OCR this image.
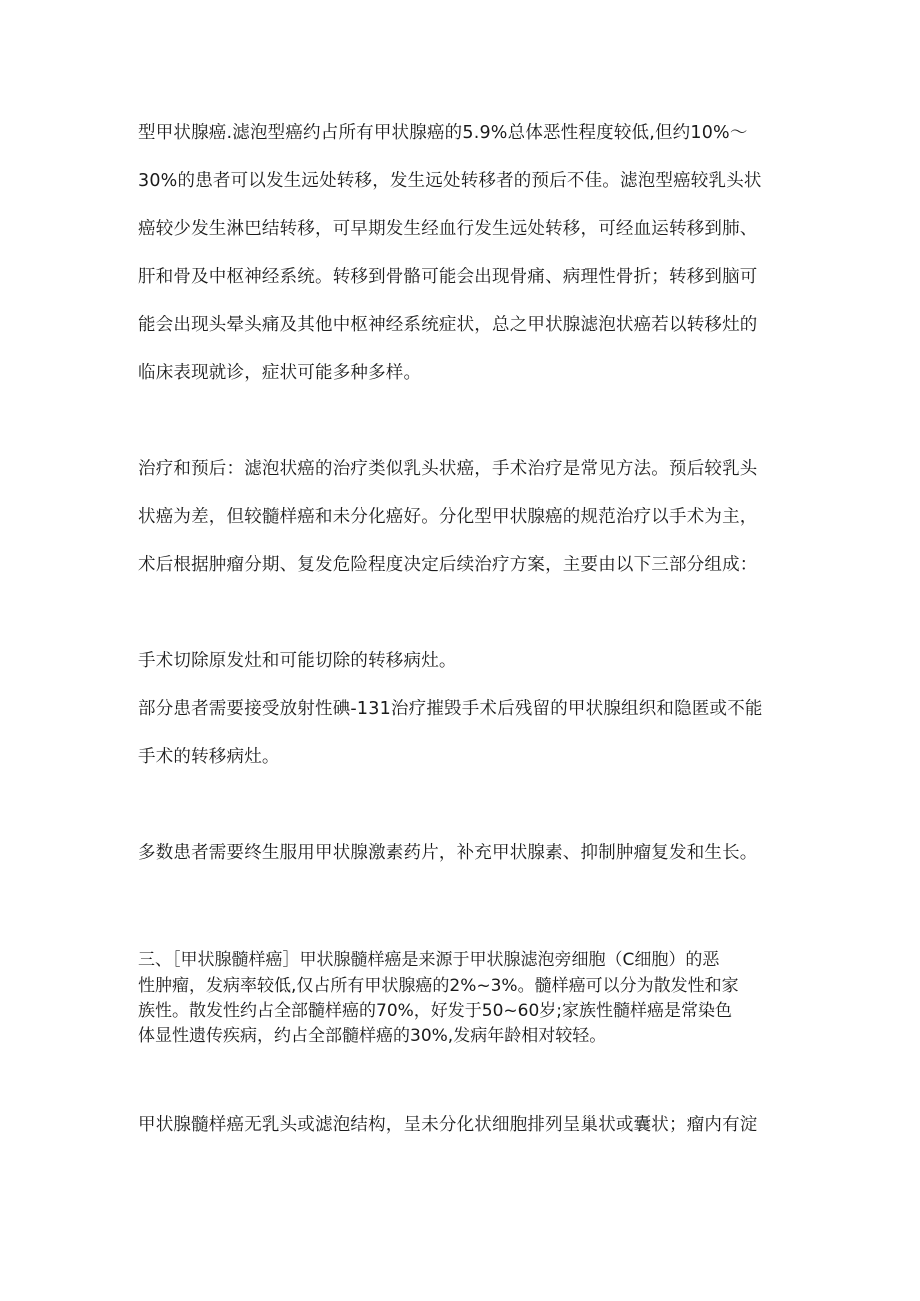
型甲状腺癌.滤泡型癌约占所有甲状腺癌的5.9%总体恶性程度较低,但约10%～
30%的患者可以发生远处转移，发生远处转移者的预后不佳。滤泡型癌较乳头状
癌较少发生淋巴结转移，可早期发生经血行发生远处转移，可经血运转移到肺、
肝和骨及中枢神经系统。转移到骨骼可能会出现骨痛、病理性骨折；转移到脑可
能会出现头晕头痛及其他中枢神经系统症状，总之甲状腺滤泡状癌若以转移灶的
临床表现就诊，症状可能多种多样。
治疗和预后：滤泡状癌的治疗类似乳头状癌，手术治疗是常见方法。预后较乳头
状癌为差，但较髓样癌和未分化癌好。分化型甲状腺癌的规范治疗以手术为主，
术后根据肿瘤分期、复发危险程度决定后续治疗方案，主要由以下三部分组成：
手术切除原发灶和可能切除的转移病灶。
部分患者需要接受放射性碘-131治疗摧毁手术后残留的甲状腺组织和隐匿或不能
手术的转移病灶。
多数患者需要终生服用甲状腺激素药片，补充甲状腺素、抑制肿瘤复发和生长。
三、［甲状腺髓样癌］甲状腺髓样癌是来源于甲状腺滤泡旁细胞（C细胞）的恶
性肿瘤，发病率较低,仅占所有甲状腺癌的2%~3%。髓样癌可以分为散发性和家
族性。散发性约占全部髓样癌的70%，好发于50~60岁;家族性髓样癌是常染色
体显性遗传疾病，约占全部髓样癌的30%,发病年龄相对较轻。
甲状腺髓样癌无乳头或滤泡结构，呈未分化状细胞排列呈巢状或囊状；瘤内有淀
